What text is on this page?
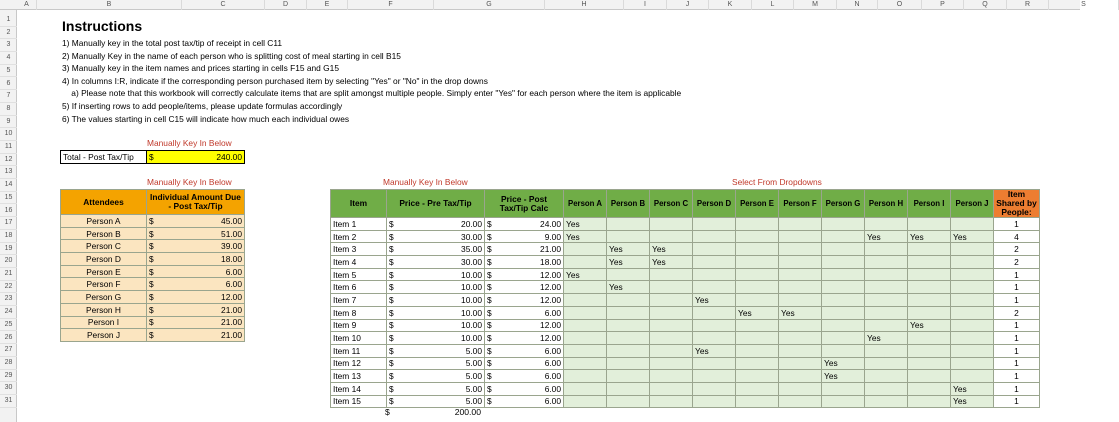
A	B	C	D	E	F	G	H	I	J	K	L	M	N	O	P	Q	R	S
1
2
3
4
5
6
7
8
9
10
11
12
13
14
15
16
17
18
19
20
21
22
23
24
25
26
27
28
29
30
31
Instructions
1) Manually key in the total post tax/tip of receipt in cell C11
2) Manually Key in the name of each person who is splitting cost of meal starting in cell B15
3) Manually key in the item names and prices starting in cells F15 and G15
4) In columns I:R, indicate if the corresponding person purchased item by selecting "Yes" or "No" in the drop downs
a) Please note that this workbook will correctly calculate items that are split amongst multiple people. Simply enter "Yes" for each person where the item is applicable
5) If inserting rows to add people/items, please update formulas accordingly
6) The values starting in cell C15 will indicate how much each individual owes
Manually Key In Below
Total - Post Tax/Tip	$	240.00
Manually Key In Below
Attendees	Individual Amount Due - Post Tax/Tip	
Person A	$	45.00
Person B	$	51.00
Person C	$	39.00
Person D	$	18.00
Person E	$	6.00
Person F	$	6.00
Person G	$	12.00
Person H	$	21.00
Person I	$	21.00
Person J	$	21.00
Manually Key In Below	Select From Dropdowns
Item	Price - Pre Tax/Tip		Price - Post Tax/Tip Calc		Person A	Person B	Person C	Person D	Person E	Person F	Person G	Person H	Person I	Person J	Item Shared by People:
Item 1	$	20.00	$	24.00	Yes										1
Item 2	$	30.00	$	9.00	Yes							Yes	Yes	Yes	4
Item 3	$	35.00	$	21.00		Yes	Yes								2
Item 4	$	30.00	$	18.00		Yes	Yes								2
Item 5	$	10.00	$	12.00	Yes										1
Item 6	$	10.00	$	12.00		Yes									1
Item 7	$	10.00	$	12.00				Yes							1
Item 8	$	10.00	$	6.00					Yes	Yes					2
Item 9	$	10.00	$	12.00									Yes		1
Item 10	$	10.00	$	12.00								Yes			1
Item 11	$	5.00	$	6.00				Yes							1
Item 12	$	5.00	$	6.00							Yes				1
Item 13	$	5.00	$	6.00							Yes				1
Item 14	$	5.00	$	6.00										Yes	1
Item 15	$	5.00	$	6.00										Yes	1
$	200.00
